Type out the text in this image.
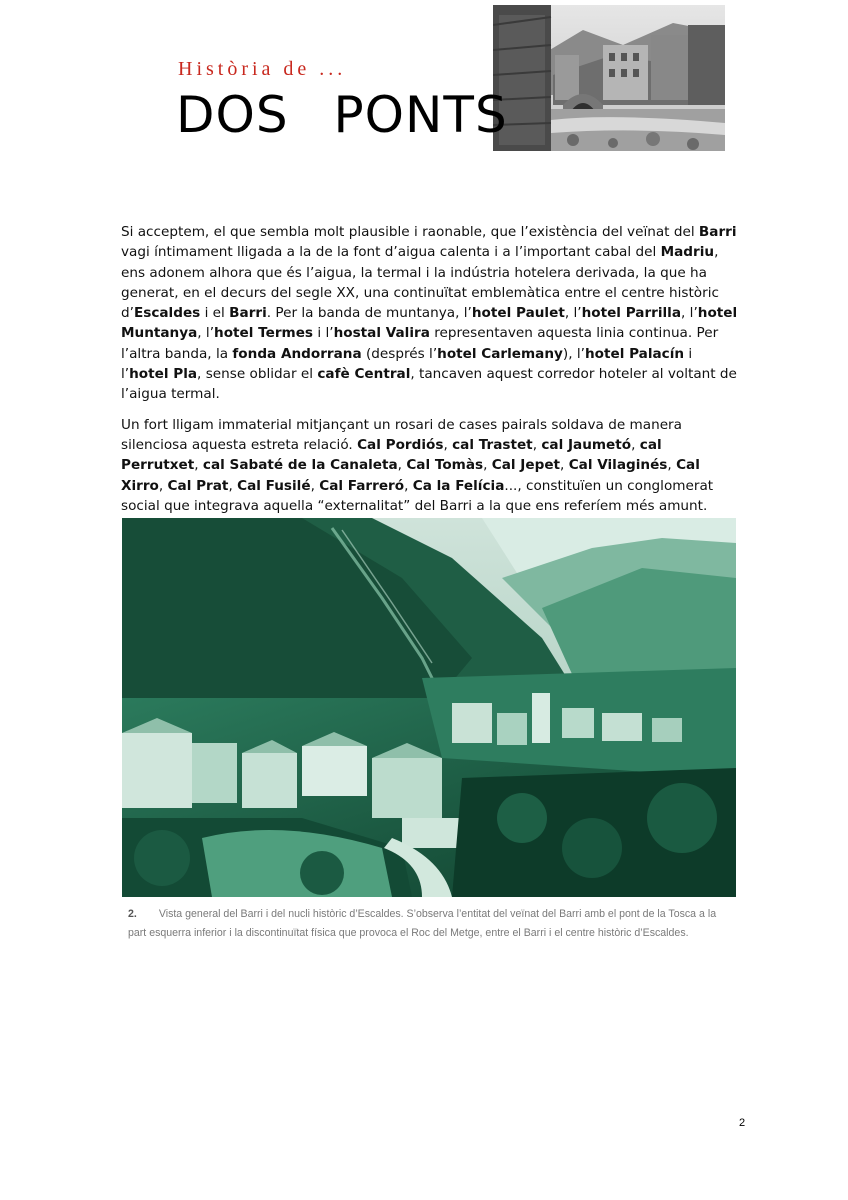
Història de ...
DOS PONTS

Si acceptem, el que sembla molt plausible i raonable, que l’existència del veïnat del Barri vagi íntimament lligada a la de la font d’aigua calenta i a l’important cabal del Madriu, ens adonem alhora que és l’aigua, la termal i la indústria hotelera derivada, la que ha generat, en el decurs del segle XX, una continuïtat emblemàtica entre el centre històric d’Escaldes i el Barri. Per la banda de muntanya, l’hotel Paulet, l’hotel Parrilla, l’hotel Muntanya, l’hotel Termes i l’hostal Valira representaven aquesta linia continua. Per l’altra banda, la fonda Andorrana (després l’hotel Carlemany), l’hotel Palacín i l’hotel Pla, sense oblidar el cafè Central, tancaven aquest corredor hoteler al voltant de l’aigua termal.

Un fort lligam immaterial mitjançant un rosari de cases pairals soldava de manera silenciosa aquesta estreta relació. Cal Pordiós, cal Trastet, cal Jaumetó, cal Perrutxet, cal Sabaté de la Canaleta, Cal Tomàs, Cal Jepet, Cal Vilaginés, Cal Xirro, Cal Prat, Cal Fusilé, Cal Farreró, Ca la Felícia..., constituïen un conglomerat social que integrava aquella “externalitat” del Barri a la que ens referíem més amunt.

2. Vista general del Barri i del nucli històric d’Escaldes. S’observa l’entitat del veïnat del Barri amb el pont de la Tosca a la part esquerra inferior i la discontinuïtat física que provoca el Roc del Metge, entre el Barri i el centre històric d’Escaldes.
2
